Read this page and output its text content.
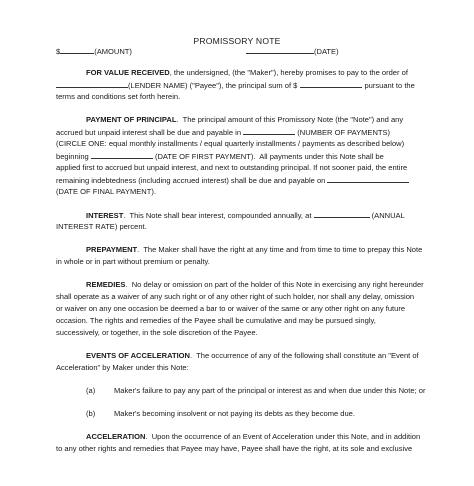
PROMISSORY NOTE
$	(AMOUNT)	(DATE)
FOR VALUE RECEIVED, the undersigned, (the "Maker"), hereby promises to pay to the order of
(LENDER NAME) ("Payee"), the principal sum of $	pursuant to the
terms and conditions set forth herein.
PAYMENT OF PRINCIPAL.  The principal amount of this Promissory Note (the "Note") and any
accrued but unpaid interest shall be due and payable in	(NUMBER OF PAYMENTS)
(CIRCLE ONE: equal monthly installments / equal quarterly installments / payments as described below)
beginning	(DATE OF FIRST PAYMENT).  All payments under this Note shall be
applied first to accrued but unpaid interest, and next to outstanding principal. If not sooner paid, the entire
remaining indebtedness (including accrued interest) shall be due and payable on
(DATE OF FINAL PAYMENT).
INTEREST.  This Note shall bear interest, compounded annually, at	(ANNUAL
INTEREST RATE) percent.
PREPAYMENT.  The Maker shall have the right at any time and from time to time to prepay this Note
in whole or in part without premium or penalty.
REMEDIES.  No delay or omission on part of the holder of this Note in exercising any right hereunder
shall operate as a waiver of any such right or of any other right of such holder, nor shall any delay, omission
or waiver on any one occasion be deemed a bar to or waiver of the same or any other right on any future
occasion. The rights and remedies of the Payee shall be cumulative and may be pursued singly,
successively, or together, in the sole discretion of the Payee.
EVENTS OF ACCELERATION.  The occurrence of any of the following shall constitute an "Event of
Acceleration" by Maker under this Note:
(a) Maker's failure to pay any part of the principal or interest as and when due under this Note; or
(b) Maker's becoming insolvent or not paying its debts as they become due.
ACCELERATION.  Upon the occurrence of an Event of Acceleration under this Note, and in addition
to any other rights and remedies that Payee may have, Payee shall have the right, at its sole and exclusive
